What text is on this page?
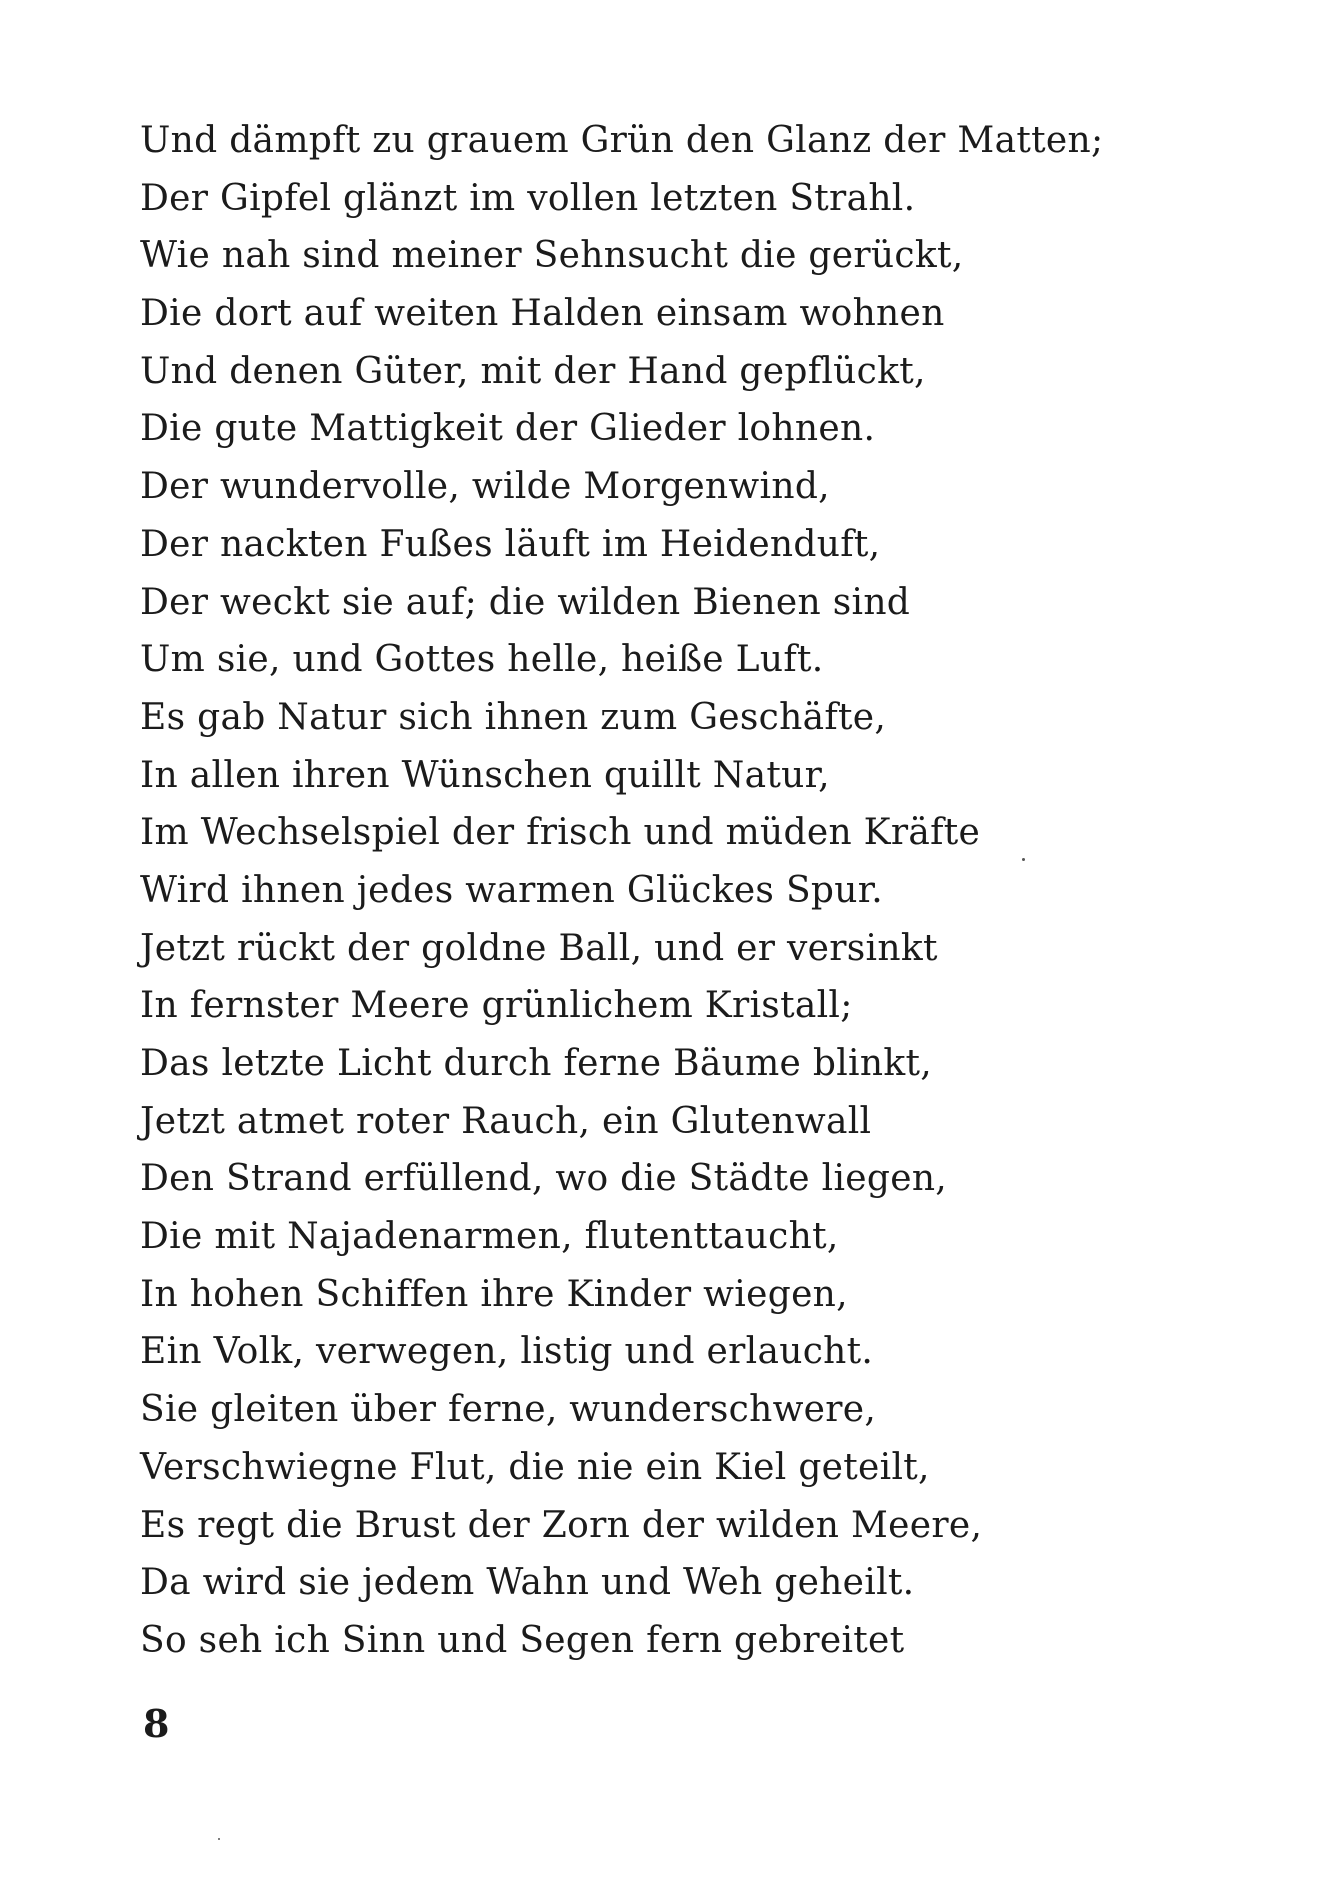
Und dämpft zu grauem Grün den Glanz der Matten;
Der Gipfel glänzt im vollen letzten Strahl.
Wie nah sind meiner Sehnsucht die gerückt,
Die dort auf weiten Halden einsam wohnen
Und denen Güter, mit der Hand gepflückt,
Die gute Mattigkeit der Glieder lohnen.
Der wundervolle, wilde Morgenwind,
Der nackten Fußes läuft im Heidenduft,
Der weckt sie auf; die wilden Bienen sind
Um sie, und Gottes helle, heiße Luft.
Es gab Natur sich ihnen zum Geschäfte,
In allen ihren Wünschen quillt Natur,
Im Wechselspiel der frisch und müden Kräfte
Wird ihnen jedes warmen Glückes Spur.
Jetzt rückt der goldne Ball, und er versinkt
In fernster Meere grünlichem Kristall;
Das letzte Licht durch ferne Bäume blinkt,
Jetzt atmet roter Rauch, ein Glutenwall
Den Strand erfüllend, wo die Städte liegen,
Die mit Najadenarmen, flutenttaucht,
In hohen Schiffen ihre Kinder wiegen,
Ein Volk, verwegen, listig und erlaucht.
Sie gleiten über ferne, wunderschwere,
Verschwiegne Flut, die nie ein Kiel geteilt,
Es regt die Brust der Zorn der wilden Meere,
Da wird sie jedem Wahn und Weh geheilt.
So seh ich Sinn und Segen fern gebreitet
8
